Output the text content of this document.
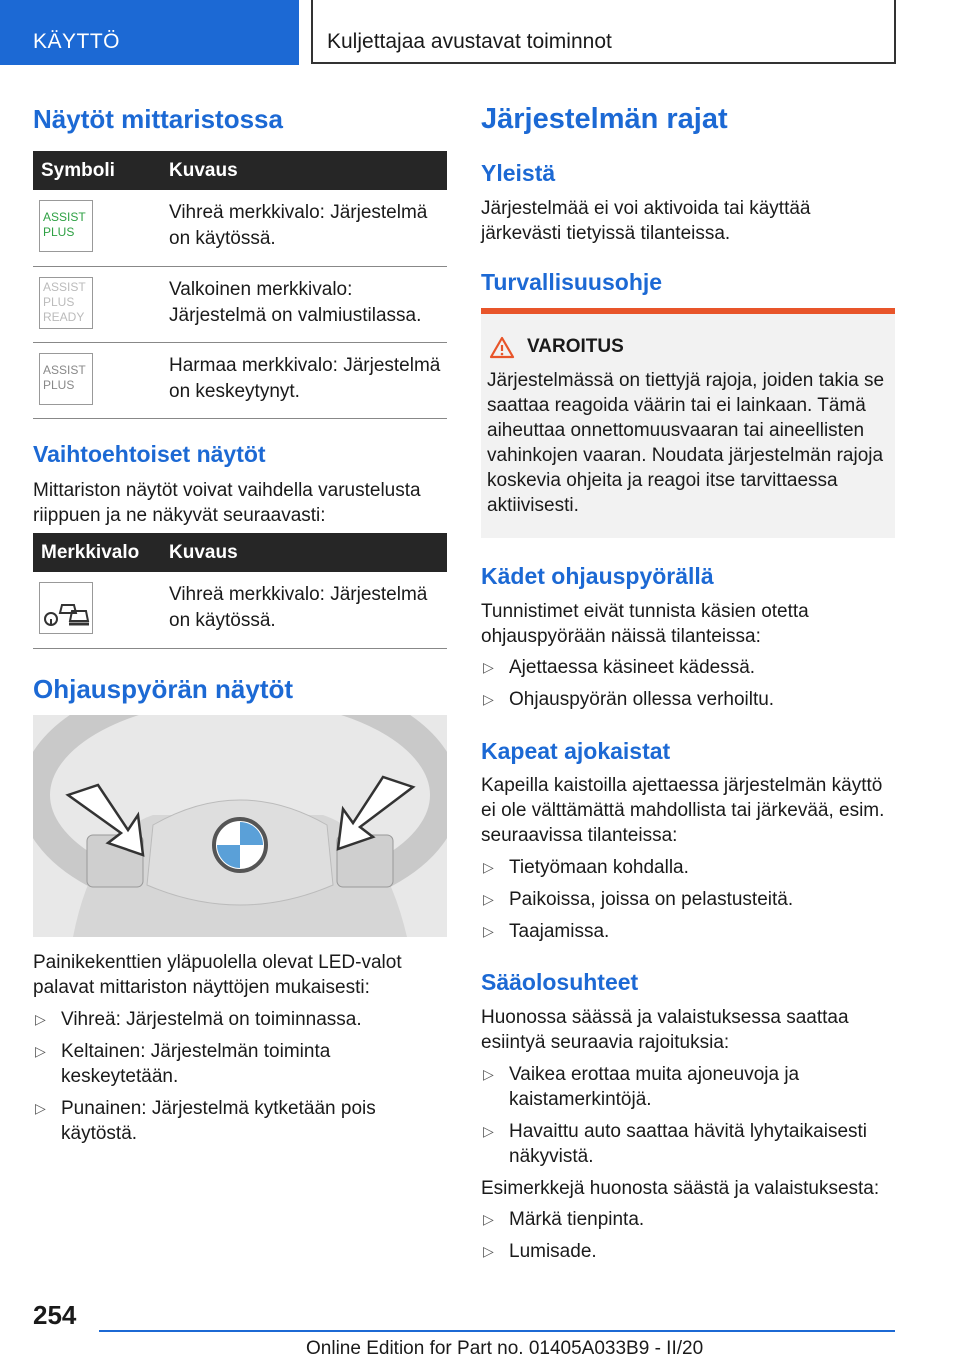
KÄYTTÖ	Kuljettajaa avustavat toiminnot
Näytöt mittaristossa
Symboli	Kuvaus

ASSIST PLUS	Vihreä merkkivalo: Järjestelmä on käytössä.

ASSIST PLUS READY	Valkoinen merkkivalo: Järjestelmä on valmiustilassa.

ASSIST PLUS	Harmaa merkkivalo: Järjestelmä on keskeytynyt.
Vaihtoehtoiset näytöt

Mittariston näytöt voivat vaihdella varustelusta riippuen ja ne näkyvät seuraavasti:

Merkkivalo	Kuvaus

	Vihreä merkkivalo: Järjestelmä on käytössä.
Ohjauspyörän näytöt

Painikekenttien yläpuolella olevat LED-valot palavat mittariston näyttöjen mukaisesti:

▷ Vihreä: Järjestelmä on toiminnassa.
▷ Keltainen: Järjestelmän toiminta keskeytetään.
▷ Punainen: Järjestelmä kytketään pois käytöstä.
Järjestelmän rajat
Yleistä

Järjestelmää ei voi aktivoida tai käyttää järkevästi tietyissä tilanteissa.

Turvallisuusohje
VAROITUS
Järjestelmässä on tiettyjä rajoja, joiden takia se saattaa reagoida väärin tai ei lainkaan. Tämä aiheuttaa onnettomuusvaaran tai aineellisten vahinkojen vaaran. Noudata järjestelmän rajoja koskevia ohjeita ja reagoi itse tarvittaessa aktiivisesti.
Kädet ohjauspyörällä

Tunnistimet eivät tunnista käsien otetta ohjauspyörään näissä tilanteissa:

▷ Ajettaessa käsineet kädessä.
▷ Ohjauspyörän ollessa verhoiltu.
Kapeat ajokaistat

Kapeilla kaistoilla ajettaessa järjestelmän käyttö ei ole välttämättä mahdollista tai järkevää, esim. seuraavissa tilanteissa:

▷ Tietyömaan kohdalla.
▷ Paikoissa, joissa on pelastusteitä.
▷ Taajamissa.
Sääolosuhteet

Huonossa säässä ja valaistuksessa saattaa esiintyä seuraavia rajoituksia:

▷ Vaikea erottaa muita ajoneuvoja ja kaistamerkintöjä.
▷ Havaittu auto saattaa hävitä lyhytaikaisesti näkyvistä.

Esimerkkejä huonosta säästä ja valaistuksesta:

▷ Märkä tienpinta.
▷ Lumisade.
254
Online Edition for Part no. 01405A033B9 - II/20
